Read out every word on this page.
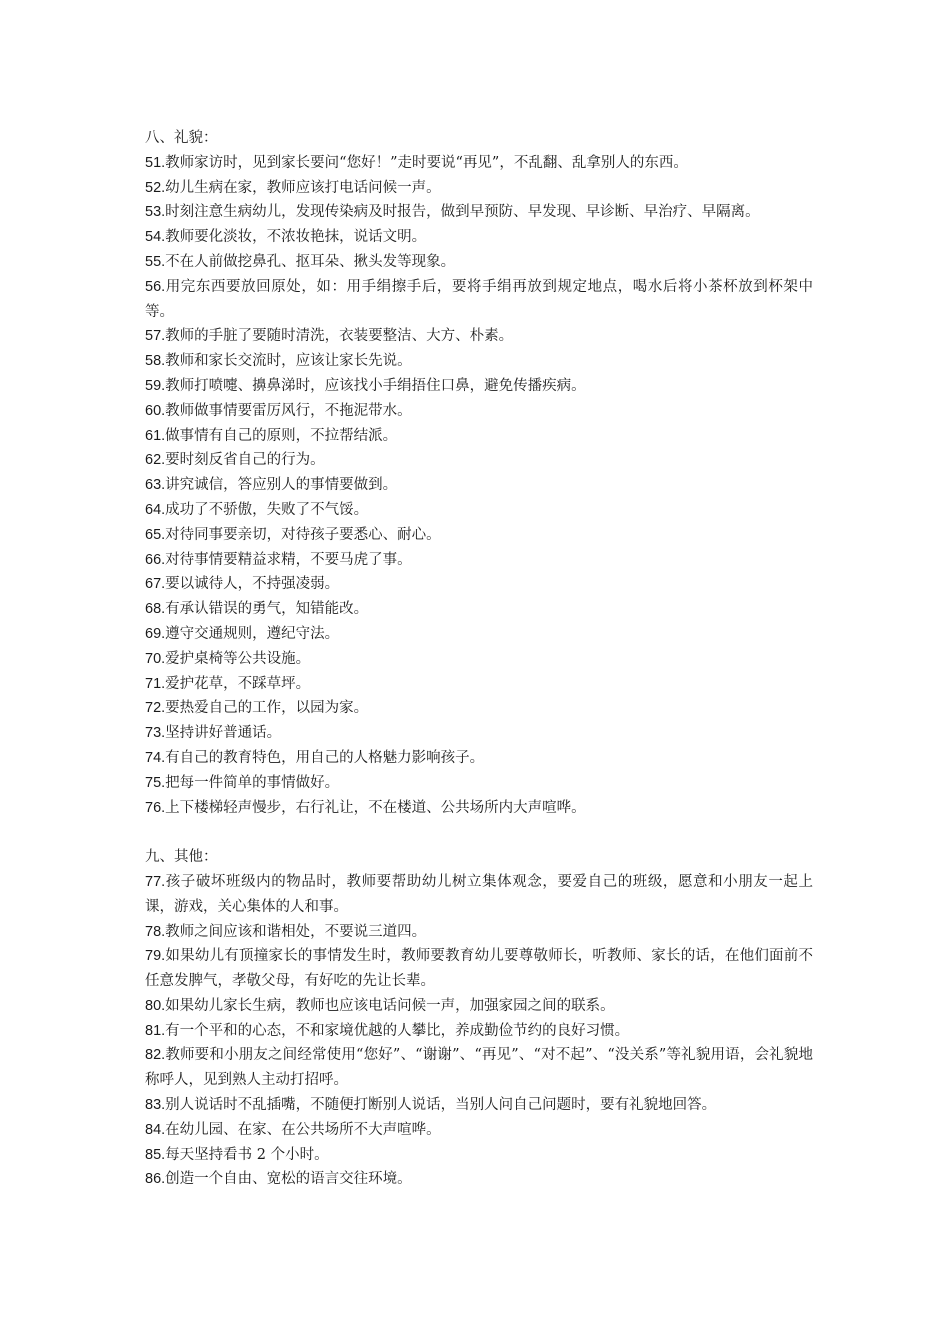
八、礼貌：

51.教师家访时，见到家长要问“您好！”走时要说“再见”，不乱翻、乱拿别人的东西。

52.幼儿生病在家，教师应该打电话问候一声。

53.时刻注意生病幼儿，发现传染病及时报告，做到早预防、早发现、早诊断、早治疗、早隔离。

54.教师要化淡妆，不浓妆艳抹，说话文明。

55.不在人前做挖鼻孔、抠耳朵、揪头发等现象。

56.用完东西要放回原处，如：用手绢擦手后，要将手绢再放到规定地点，喝水后将小茶杯放到杯架中等。

57.教师的手脏了要随时清洗，衣装要整洁、大方、朴素。

58.教师和家长交流时，应该让家长先说。

59.教师打喷嚏、擤鼻涕时，应该找小手绢捂住口鼻，避免传播疾病。

60.教师做事情要雷厉风行，不拖泥带水。

61.做事情有自己的原则，不拉帮结派。

62.要时刻反省自己的行为。

63.讲究诚信，答应别人的事情要做到。

64.成功了不骄傲，失败了不气馁。

65.对待同事要亲切，对待孩子要悉心、耐心。

66.对待事情要精益求精，不要马虎了事。

67.要以诚待人，不持强凌弱。

68.有承认错误的勇气，知错能改。

69.遵守交通规则，遵纪守法。

70.爱护桌椅等公共设施。

71.爱护花草，不踩草坪。

72.要热爱自己的工作，以园为家。

73.坚持讲好普通话。

74.有自己的教育特色，用自己的人格魅力影响孩子。

75.把每一件简单的事情做好。

76.上下楼梯轻声慢步，右行礼让，不在楼道、公共场所内大声喧哗。

九、其他：

77.孩子破坏班级内的物品时，教师要帮助幼儿树立集体观念，要爱自己的班级，愿意和小朋友一起上课，游戏，关心集体的人和事。

78.教师之间应该和谐相处，不要说三道四。

79.如果幼儿有顶撞家长的事情发生时，教师要教育幼儿要尊敬师长，听教师、家长的话，在他们面前不任意发脾气，孝敬父母，有好吃的先让长辈。

80.如果幼儿家长生病，教师也应该电话问候一声，加强家园之间的联系。

81.有一个平和的心态，不和家境优越的人攀比，养成勤俭节约的良好习惯。

82.教师要和小朋友之间经常使用“您好”、“谢谢”、“再见”、“对不起”、“没关系”等礼貌用语，会礼貌地称呼人，见到熟人主动打招呼。

83.别人说话时不乱插嘴，不随便打断别人说话，当别人问自己问题时，要有礼貌地回答。

84.在幼儿园、在家、在公共场所不大声喧哗。

85.每天坚持看书 2 个小时。

86.创造一个自由、宽松的语言交往环境。
